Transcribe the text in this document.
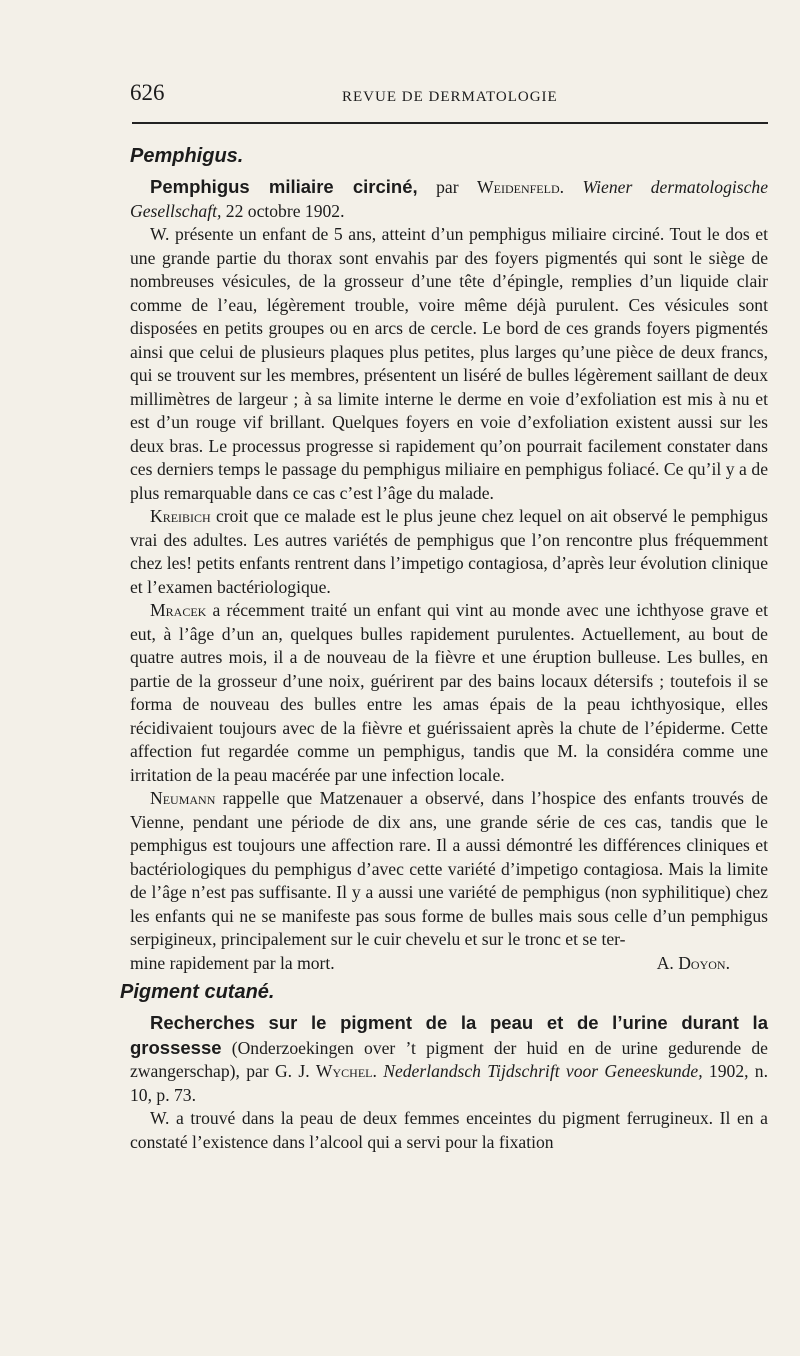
626	REVUE DE DERMATOLOGIE
Pemphigus.

Pemphigus miliaire circiné, par Weidenfeld. Wiener dermatologische Gesellschaft, 22 octobre 1902.

W. présente un enfant de 5 ans, atteint d’un pemphigus miliaire circiné. Tout le dos et une grande partie du thorax sont envahis par des foyers pigmentés qui sont le siège de nombreuses vésicules, de la grosseur d’une tête d’épingle, remplies d’un liquide clair comme de l’eau, légèrement trouble, voire même déjà purulent. Ces vésicules sont disposées en petits groupes ou en arcs de cercle. Le bord de ces grands foyers pigmentés ainsi que celui de plusieurs plaques plus petites, plus larges qu’une pièce de deux francs, qui se trouvent sur les membres, présentent un liséré de bulles légèrement saillant de deux millimètres de largeur ; à sa limite interne le derme en voie d’exfoliation est mis à nu et est d’un rouge vif brillant. Quelques foyers en voie d’exfoliation existent aussi sur les deux bras. Le processus progresse si rapidement qu’on pourrait facilement constater dans ces derniers temps le passage du pemphigus miliaire en pemphigus foliacé. Ce qu’il y a de plus remarquable dans ce cas c’est l’âge du malade.

Kreibich croit que ce malade est le plus jeune chez lequel on ait observé le pemphigus vrai des adultes. Les autres variétés de pemphigus que l’on rencontre plus fréquemment chez les! petits enfants rentrent dans l’impetigo contagiosa, d’après leur évolution clinique et l’examen bactériologique.

Mracek a récemment traité un enfant qui vint au monde avec une ichthyose grave et eut, à l’âge d’un an, quelques bulles rapidement purulentes. Actuellement, au bout de quatre autres mois, il a de nouveau de la fièvre et une éruption bulleuse. Les bulles, en partie de la grosseur d’une noix, guérirent par des bains locaux détersifs ; toutefois il se forma de nouveau des bulles entre les amas épais de la peau ichthyosique, elles récidivaient toujours avec de la fièvre et guérissaient après la chute de l’épiderme. Cette affection fut regardée comme un pemphigus, tandis que M. la considéra comme une irritation de la peau macérée par une infection locale.

Neumann rappelle que Matzenauer a observé, dans l’hospice des enfants trouvés de Vienne, pendant une période de dix ans, une grande série de ces cas, tandis que le pemphigus est toujours une affection rare. Il a aussi démontré les différences cliniques et bactériologiques du pemphigus d’avec cette variété d’impetigo contagiosa. Mais la limite de l’âge n’est pas suffisante. Il y a aussi une variété de pemphigus (non syphilitique) chez les enfants qui ne se manifeste pas sous forme de bulles mais sous celle d’un pemphigus serpigineux, principalement sur le cuir chevelu et sur le tronc et se ter-

mine rapidement par la mort.	A. Doyon.
Pigment cutané.

Recherches sur le pigment de la peau et de l’urine durant la grossesse (Onderzoekingen over ’t pigment der huid en de urine gedurende de zwangerschap), par G. J. Wychel. Nederlandsch Tijdschrift voor Geneeskunde, 1902, n. 10, p. 73.

W. a trouvé dans la peau de deux femmes enceintes du pigment ferrugineux. Il en a constaté l’existence dans l’alcool qui a servi pour la fixation
